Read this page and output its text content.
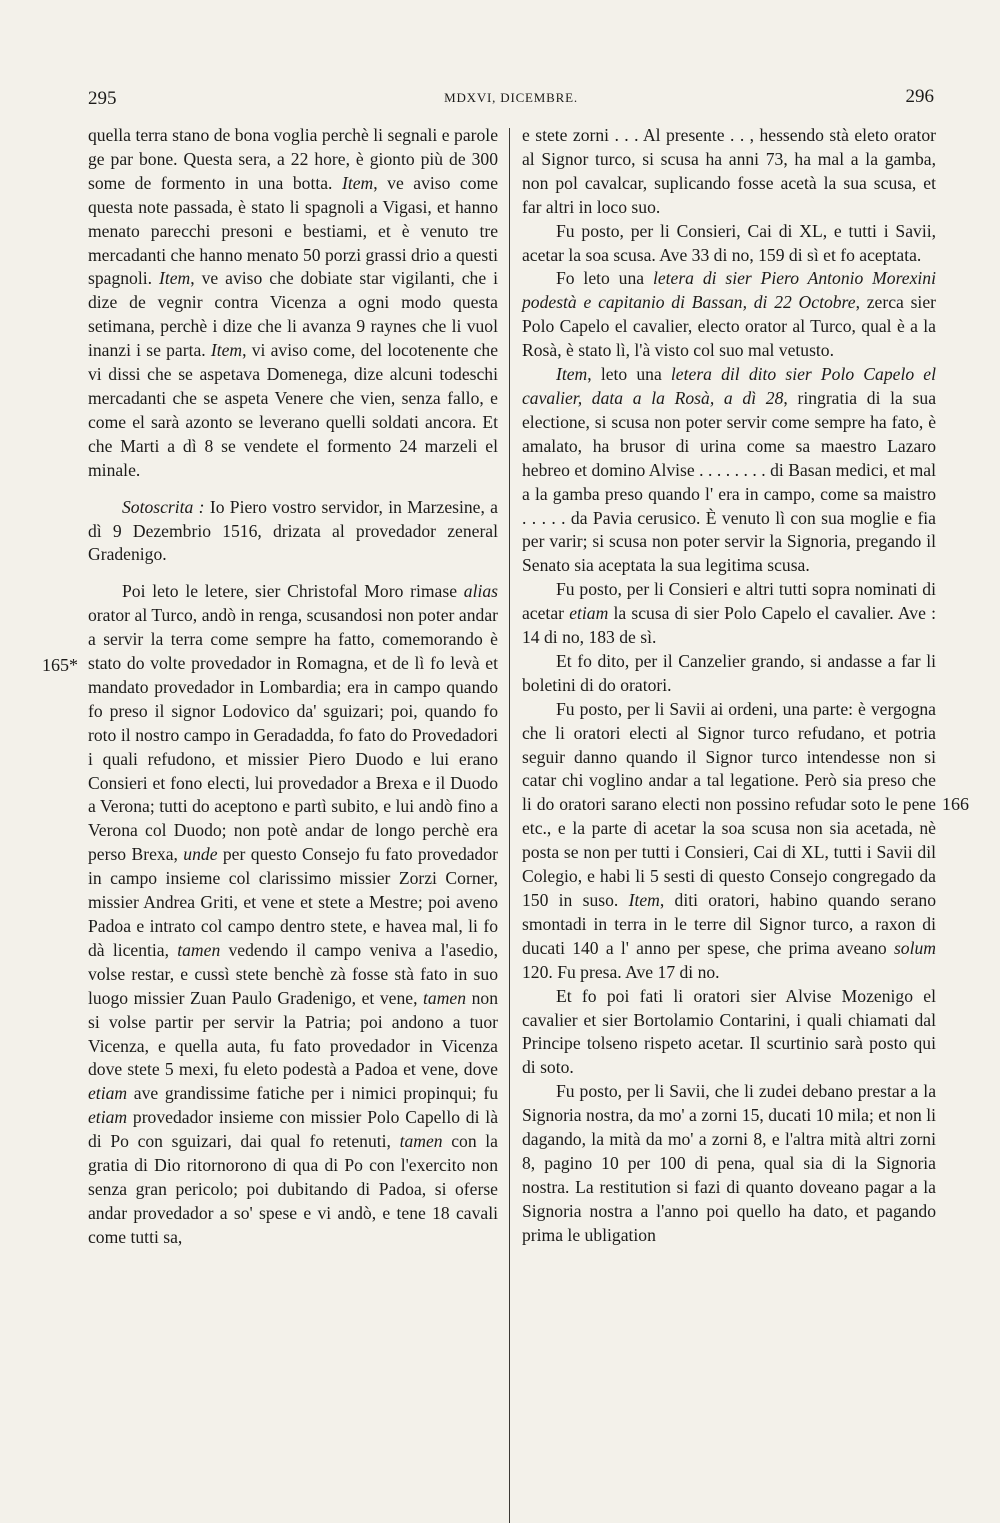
295	MDXVI, DICEMBRE.	296

quella terra stano de bona voglia perchè li segnali e parole ge par bone. Questa sera, a 22 hore, è gionto più de 300 some de formento in una botta. Item, ve aviso come questa note passada, è stato li spagnoli a Vigasi, et hanno menato parecchi presoni e bestiami, et è venuto tre mercadanti che hanno menato 50 porzi grassi drio a questi spagnoli. Item, ve aviso che dobiate star vigilanti, che i dize de vegnir contra Vicenza a ogni modo questa setimana, perchè i dize che li avanza 9 raynes che li vuol inanzi i se parta. Item, vi aviso come, del locotenente che vi dissi che se aspetava Domenega, dize alcuni todeschi mercadanti che se aspeta Venere che vien, senza fallo, e come el sarà azonto se leverano quelli soldati ancora. Et che Marti a dì 8 se vendete el formento 24 marzeli el minale.

Sotoscrita : Io Piero vostro servidor, in Marzesine, a dì 9 Dezembrio 1516, drizata al provedador zeneral Gradenigo.

Poi leto le letere, sier Christofal Moro rimase alias orator al Turco, andò in renga, scusandosi non poter andar a servir la terra come sempre ha fatto, comemorando è stato do volte provedador in Romagna, et de lì fo levà et mandato provedador in Lombardia; era in campo quando fo preso il signor Lodovico da' sguizari; poi, quando fo roto il nostro campo in Geradadda, fo fato do Provedadori i quali refudono, et missier Piero Duodo e lui erano Consieri et fono electi, lui provedador a Brexa e il Duodo a Verona; tutti do aceptono e partì subito, e lui andò fino a Verona col Duodo; non potè andar de longo perchè era perso Brexa, unde per questo Consejo fu fato provedador in campo insieme col clarissimo missier Zorzi Corner, missier Andrea Griti, et vene et stete a Mestre; poi aveno Padoa e intrato col campo dentro stete, e havea mal, li fo dà licentia, tamen vedendo il campo veniva a l'asedio, volse restar, e cussì stete benchè zà fosse stà fato in suo luogo missier Zuan Paulo Gradenigo, et vene, tamen non si volse partir per servir la Patria; poi andono a tuor Vicenza, e quella auta, fu fato provedador in Vicenza dove stete 5 mexi, fu eleto podestà a Padoa et vene, dove etiam ave grandissime fatiche per i nimici propinqui; fu etiam provedador insieme con missier Polo Capello di là di Po con sguizari, dai qual fo retenuti, tamen con la gratia di Dio ritornorono di qua di Po con l'exercito non senza gran pericolo; poi dubitando di Padoa, si oferse andar provedador a so' spese e vi andò, e tene 18 cavali come tutti sa,

e stete zorni . . . Al presente . . , hessendo stà eleto orator al Signor turco, si scusa ha anni 73, ha mal a la gamba, non pol cavalcar, suplicando fosse acetà la sua scusa, et far altri in loco suo.

Fu posto, per li Consieri, Cai di XL, e tutti i Savii, acetar la soa scusa. Ave 33 di no, 159 di sì et fo aceptata.

Fo leto una letera di sier Piero Antonio Morexini podestà e capitanio di Bassan, di 22 Octobre, zerca sier Polo Capelo el cavalier, electo orator al Turco, qual è a la Rosà, è stato lì, l'à visto col suo mal vetusto.

Item, leto una letera dil dito sier Polo Capelo el cavalier, data a la Rosà, a dì 28, ringratia di la sua electione, si scusa non poter servir come sempre ha fato, è amalato, ha brusor di urina come sa maestro Lazaro hebreo et domino Alvise . . . . . . . . di Basan medici, et mal a la gamba preso quando l' era in campo, come sa maistro . . . . . da Pavia cerusico. È venuto lì con sua moglie e fia per varir; si scusa non poter servir la Signoria, pregando il Senato sia aceptata la sua legitima scusa.

Fu posto, per li Consieri e altri tutti sopra nominati di acetar etiam la scusa di sier Polo Capelo el cavalier. Ave : 14 di no, 183 de sì.

Et fo dito, per il Canzelier grando, si andasse a far li boletini di do oratori.

Fu posto, per li Savii ai ordeni, una parte: è vergogna che li oratori electi al Signor turco refudano, et potria seguir danno quando il Signor turco intendesse non si catar chi voglino andar a tal legatione. Però sia preso che li do oratori sarano electi non possino refudar soto le pene etc., e la parte di acetar la soa scusa non sia acetada, nè posta se non per tutti i Consieri, Cai di XL, tutti i Savii dil Colegio, e habi li 5 sesti di questo Consejo congregado da 150 in suso. Item, diti oratori, habino quando serano smontadi in terra in le terre dil Signor turco, a raxon di ducati 140 a l' anno per spese, che prima aveano solum 120. Fu presa. Ave 17 di no.

Et fo poi fati li oratori sier Alvise Mozenigo el cavalier et sier Bortolamio Contarini, i quali chiamati dal Principe tolseno rispeto acetar. Il scurtinio sarà posto qui di soto.

Fu posto, per li Savii, che li zudei debano prestar a la Signoria nostra, da mo' a zorni 15, ducati 10 mila; et non li dagando, la mità da mo' a zorni 8, e l'altra mità altri zorni 8, pagino 10 per 100 di pena, qual sia di la Signoria nostra. La restitution si fazi di quanto doveano pagar a la Signoria nostra a l'anno poi quello ha dato, et pagando prima le ubligation

165*
166
